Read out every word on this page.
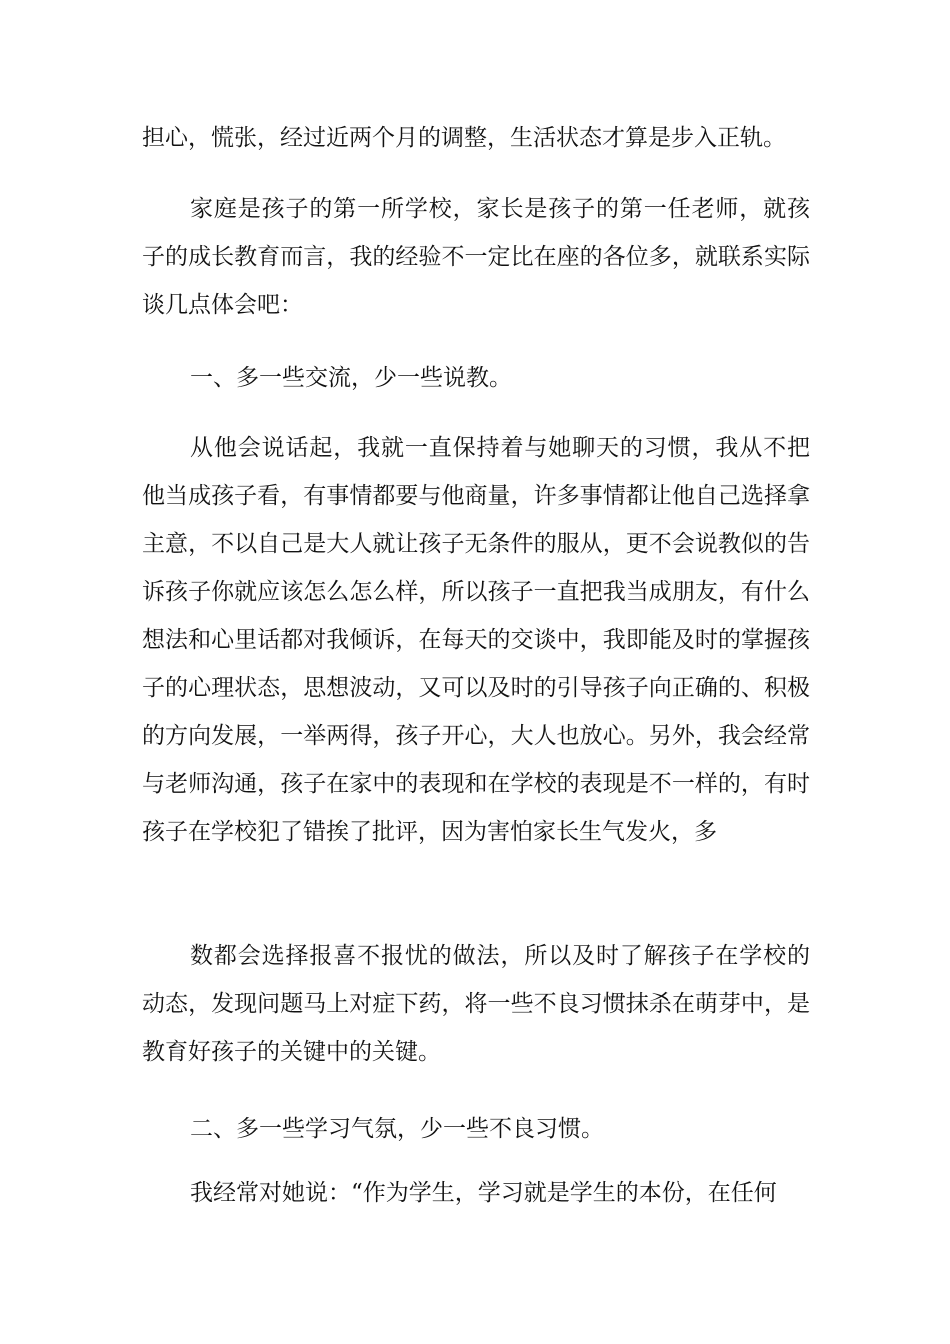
担心，慌张，经过近两个月的调整，生活状态才算是步入正轨。

家庭是孩子的第一所学校，家长是孩子的第一任老师，就孩子的成长教育而言，我的经验不一定比在座的各位多，就联系实际谈几点体会吧：

一、多一些交流，少一些说教。

从他会说话起，我就一直保持着与她聊天的习惯，我从不把他当成孩子看，有事情都要与他商量，许多事情都让他自己选择拿主意，不以自己是大人就让孩子无条件的服从，更不会说教似的告诉孩子你就应该怎么怎么样，所以孩子一直把我当成朋友，有什么想法和心里话都对我倾诉，在每天的交谈中，我即能及时的掌握孩子的心理状态，思想波动，又可以及时的引导孩子向正确的、积极的方向发展，一举两得，孩子开心，大人也放心。另外，我会经常与老师沟通，孩子在家中的表现和在学校的表现是不一样的，有时孩子在学校犯了错挨了批评，因为害怕家长生气发火，多

数都会选择报喜不报忧的做法，所以及时了解孩子在学校的动态，发现问题马上对症下药，将一些不良习惯抹杀在萌芽中，是教育好孩子的关键中的关键。

二、多一些学习气氛，少一些不良习惯。

我经常对她说：“作为学生，学习就是学生的本份，在任何
